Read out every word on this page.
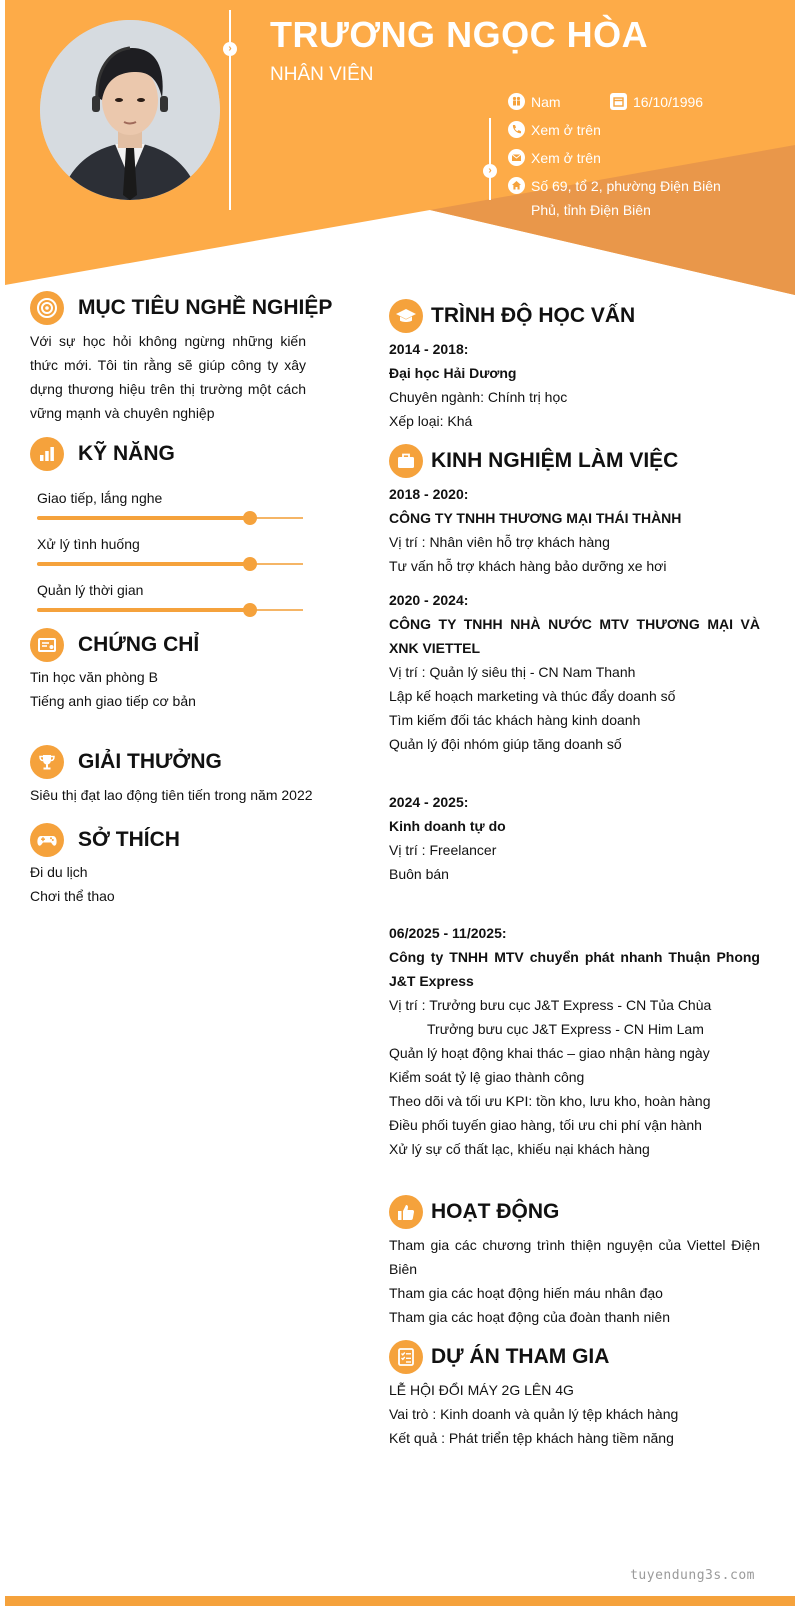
› TRƯƠNG NGỌC HÒA
NHÂN VIÊN
›
Nam	16/10/1996
Xem ở trên
Xem ở trên
Số 69, tổ 2, phường Điện Biên Phủ, tỉnh Điện Biên
MỤC TIÊU NGHỀ NGHIỆP
Với sự học hỏi không ngừng những kiến thức mới. Tôi tin rằng sẽ giúp công ty xây dựng thương hiệu trên thị trường một cách vững mạnh và chuyên nghiệp
KỸ NĂNG
Giao tiếp, lắng nghe
Xử lý tình huống
Quản lý thời gian
CHỨNG CHỈ
Tin học văn phòng B
Tiếng anh giao tiếp cơ bản
GIẢI THƯỞNG
Siêu thị đạt lao động tiên tiến trong năm 2022
SỞ THÍCH
Đi du lịch
Chơi thể thao
TRÌNH ĐỘ HỌC VẤN
2014 - 2018:
Đại học Hải Dương
Chuyên ngành: Chính trị học
Xếp loại: Khá
KINH NGHIỆM LÀM VIỆC
2018 - 2020:
CÔNG TY TNHH THƯƠNG MẠI THÁI THÀNH
Vị trí : Nhân viên hỗ trợ khách hàng
Tư vấn hỗ trợ khách hàng bảo dưỡng xe hơi
2020 - 2024:
CÔNG TY TNHH NHÀ NƯỚC MTV THƯƠNG MẠI VÀ XNK VIETTEL
Vị trí : Quản lý siêu thị - CN Nam Thanh
Lập kế hoạch marketing và thúc đẩy doanh số
Tìm kiếm đối tác khách hàng kinh doanh
Quản lý đội nhóm giúp tăng doanh số
2024 - 2025:
Kinh doanh tự do
Vị trí : Freelancer
Buôn bán
06/2025 - 11/2025:
Công ty TNHH MTV chuyển phát nhanh Thuận Phong J&T Express
Vị trí : Trưởng bưu cục J&T Express - CN Tủa Chùa
Trưởng bưu cục J&T Express - CN Him Lam
Quản lý hoạt động khai thác – giao nhận hàng ngày
Kiểm soát tỷ lệ giao thành công
Theo dõi và tối ưu KPI: tồn kho, lưu kho, hoàn hàng
Điều phối tuyến giao hàng, tối ưu chi phí vận hành
Xử lý sự cố thất lạc, khiếu nại khách hàng
HOẠT ĐỘNG
Tham gia các chương trình thiện nguyện của Viettel Điện Biên
Tham gia các hoạt động hiến máu nhân đạo
Tham gia các hoạt động của đoàn thanh niên
DỰ ÁN THAM GIA
LỄ HỘI ĐỔI MÁY 2G LÊN 4G
Vai trò : Kinh doanh và quản lý tệp khách hàng
Kết quả : Phát triển tệp khách hàng tiềm năng
tuyendung3s.com
